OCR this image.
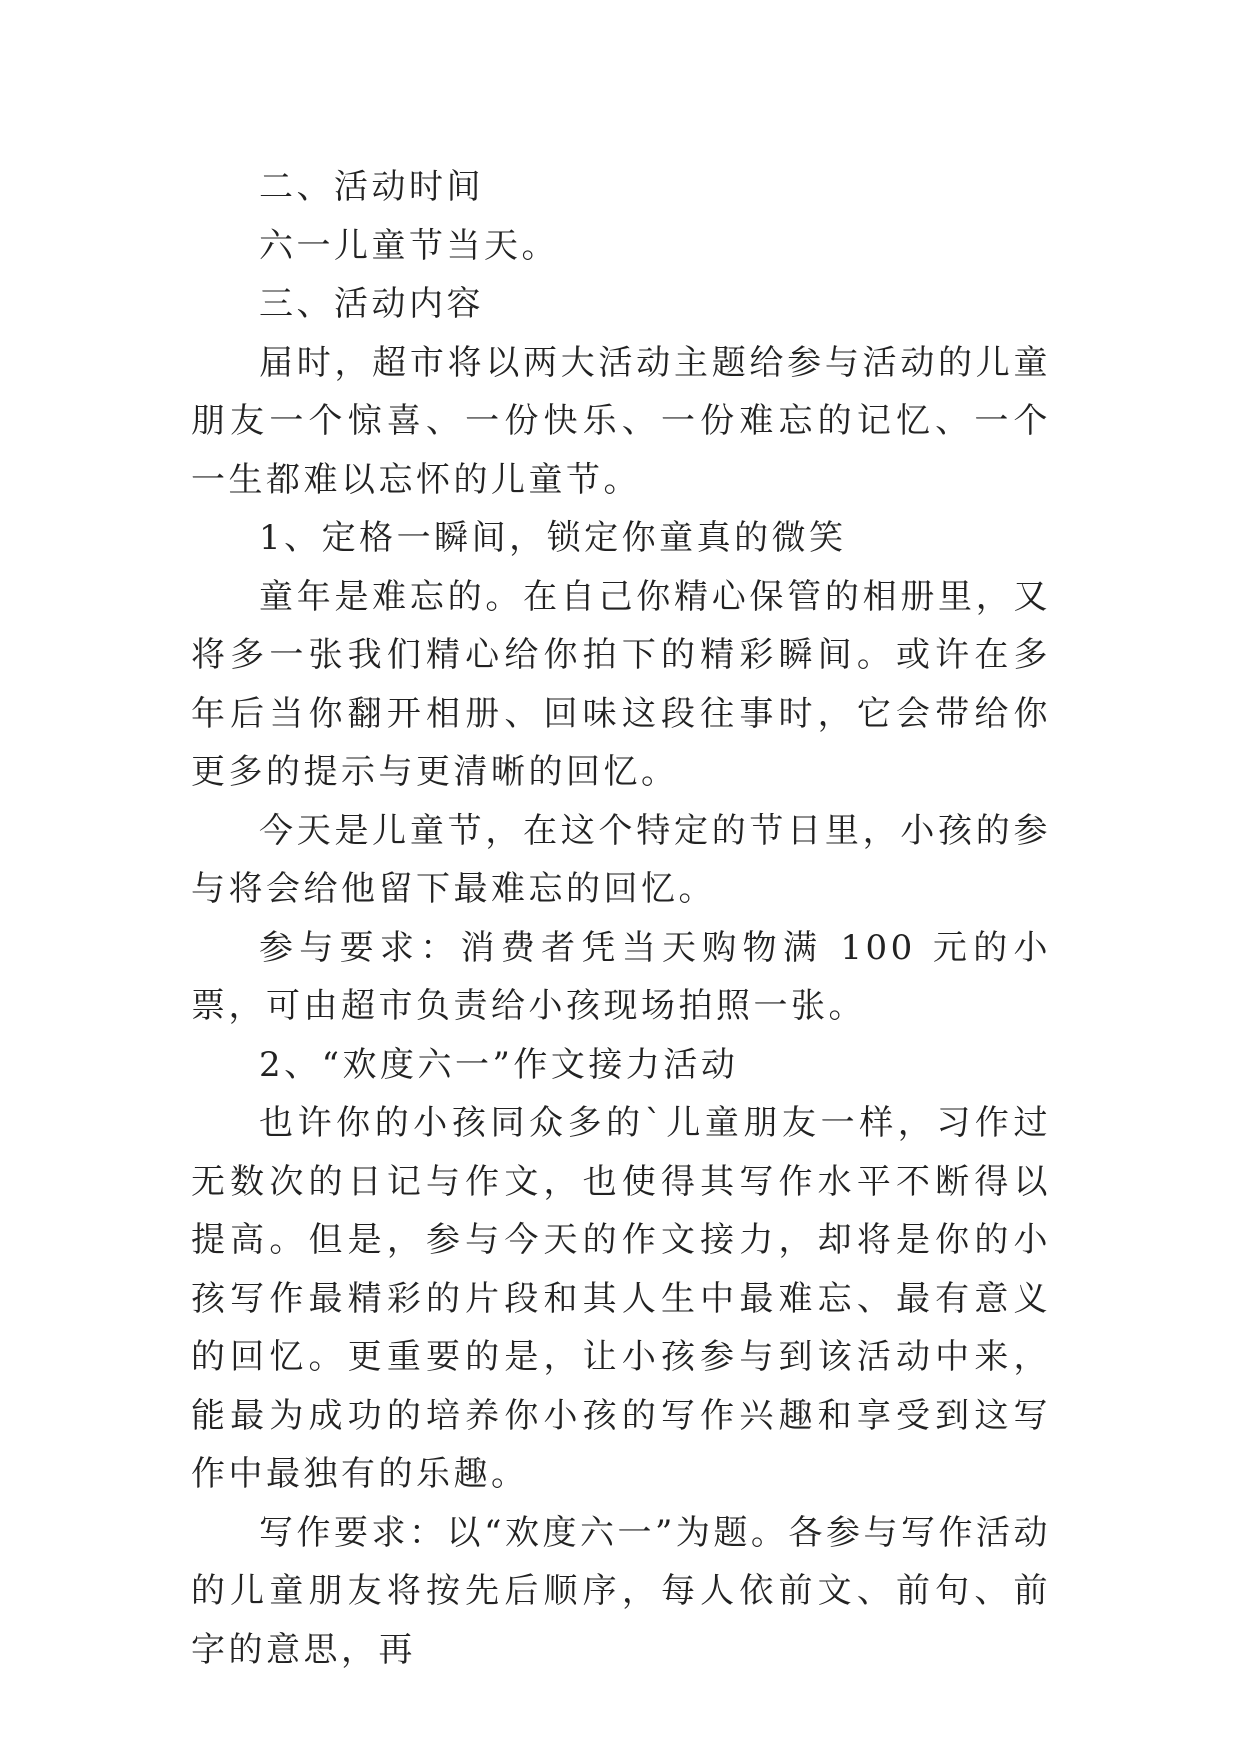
二、活动时间

六一儿童节当天。

三、活动内容

届时，超市将以两大活动主题给参与活动的儿童朋友一个惊喜、一份快乐、一份难忘的记忆、一个一生都难以忘怀的儿童节。

1、定格一瞬间，锁定你童真的微笑

童年是难忘的。在自己你精心保管的相册里，又将多一张我们精心给你拍下的精彩瞬间。或许在多年后当你翻开相册、回味这段往事时，它会带给你更多的提示与更清晰的回忆。

今天是儿童节，在这个特定的节日里，小孩的参与将会给他留下最难忘的回忆。

参与要求：消费者凭当天购物满 100 元的小票，可由超市负责给小孩现场拍照一张。

2、“欢度六一”作文接力活动

也许你的小孩同众多的`儿童朋友一样，习作过无数次的日记与作文，也使得其写作水平不断得以提高。但是，参与今天的作文接力，却将是你的小孩写作最精彩的片段和其人生中最难忘、最有意义的回忆。更重要的是，让小孩参与到该活动中来，能最为成功的培养你小孩的写作兴趣和享受到这写作中最独有的乐趣。

写作要求：以“欢度六一”为题。各参与写作活动的儿童朋友将按先后顺序，每人依前文、前句、前字的意思，再
